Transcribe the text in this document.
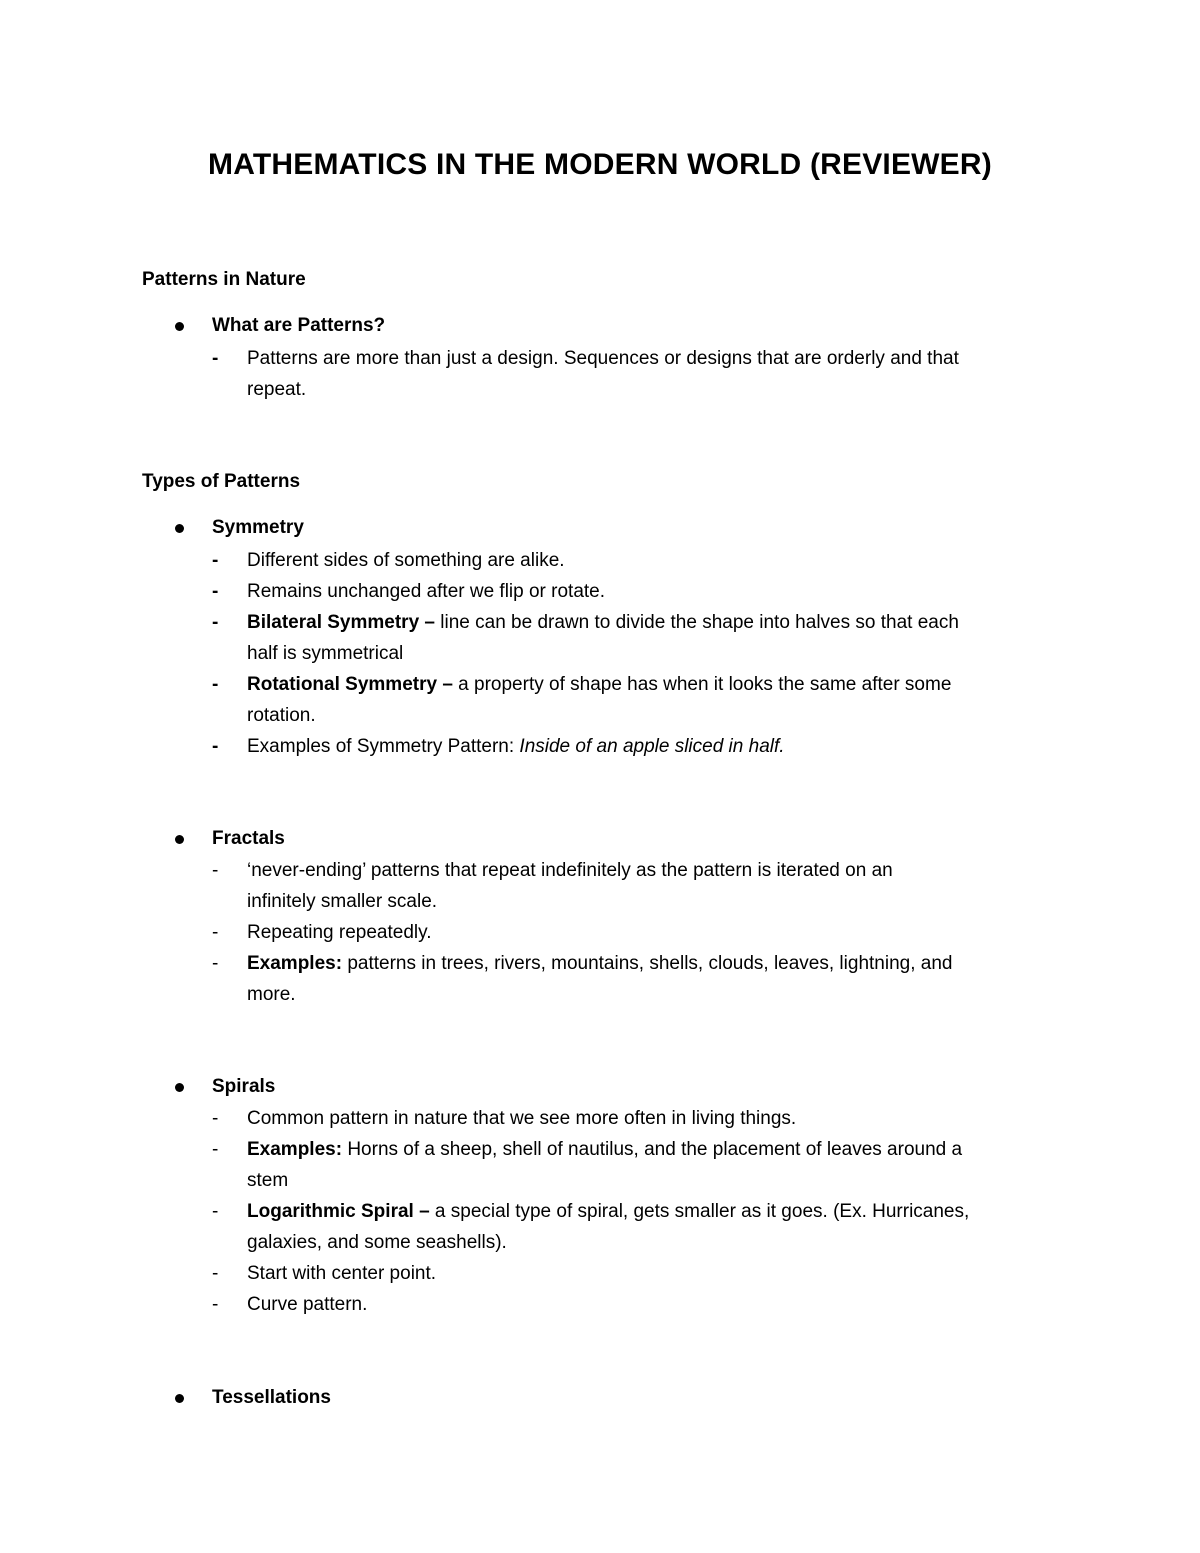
MATHEMATICS IN THE MODERN WORLD (REVIEWER)
Patterns in Nature
What are Patterns?
- Patterns are more than just a design. Sequences or designs that are orderly and that
repeat.
Types of Patterns
Symmetry
- Different sides of something are alike.
- Remains unchanged after we flip or rotate.
- Bilateral Symmetry – line can be drawn to divide the shape into halves so that each
half is symmetrical
- Rotational Symmetry – a property of shape has when it looks the same after some
rotation.
- Examples of Symmetry Pattern: Inside of an apple sliced in half.
Fractals
- ‘never-ending’ patterns that repeat indefinitely as the pattern is iterated on an
infinitely smaller scale.
- Repeating repeatedly.
- Examples: patterns in trees, rivers, mountains, shells, clouds, leaves, lightning, and
more.
Spirals
- Common pattern in nature that we see more often in living things.
- Examples: Horns of a sheep, shell of nautilus, and the placement of leaves around a
stem
- Logarithmic Spiral – a special type of spiral, gets smaller as it goes. (Ex. Hurricanes,
galaxies, and some seashells).
- Start with center point.
- Curve pattern.
Tessellations
